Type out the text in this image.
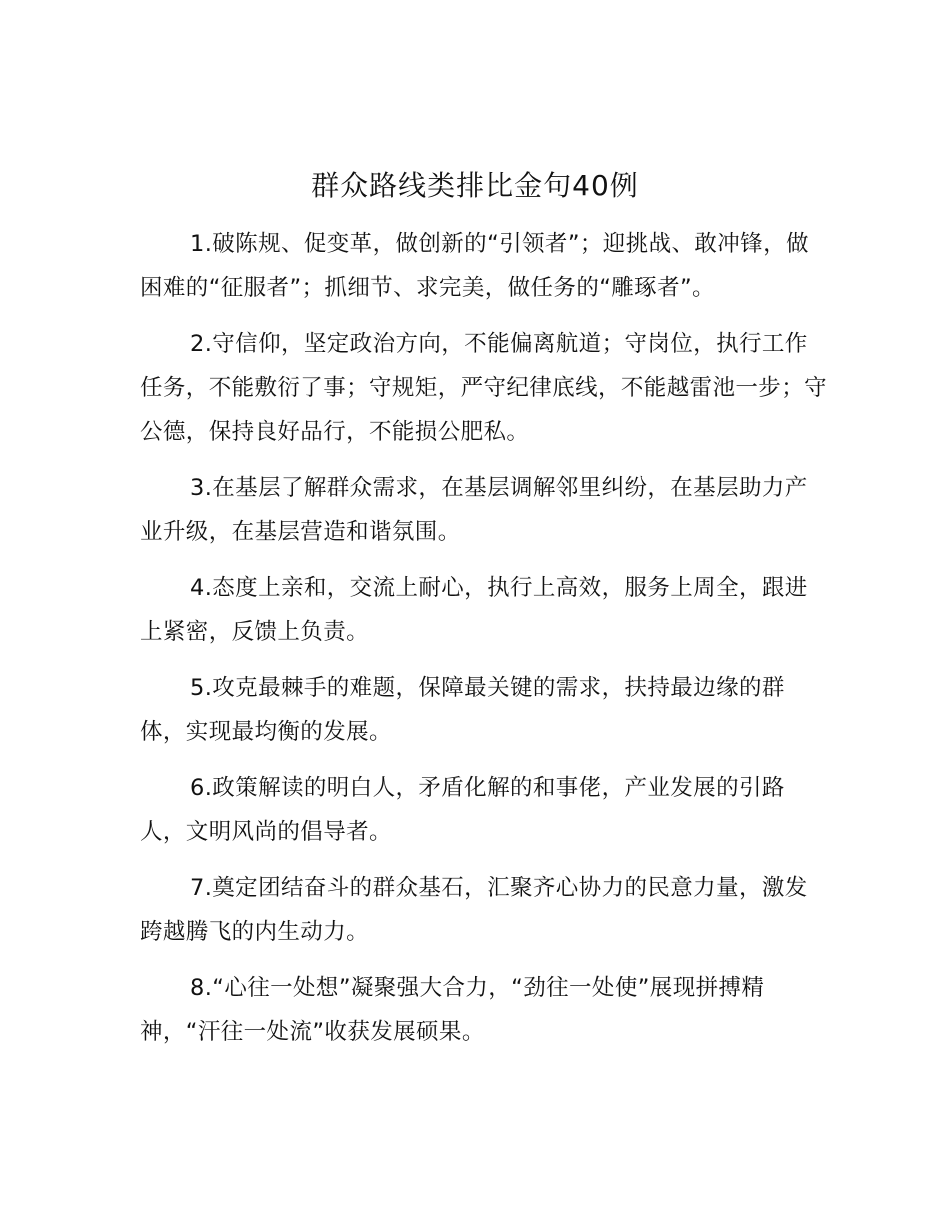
群众路线类排比金句40例

1.破陈规、促变革，做创新的“引领者”；迎挑战、敢冲锋，做困难的“征服者”；抓细节、求完美，做任务的“雕琢者”。

2.守信仰，坚定政治方向，不能偏离航道；守岗位，执行工作任务，不能敷衍了事；守规矩，严守纪律底线，不能越雷池一步；守公德，保持良好品行，不能损公肥私。

3.在基层了解群众需求，在基层调解邻里纠纷，在基层助力产业升级，在基层营造和谐氛围。

4.态度上亲和，交流上耐心，执行上高效，服务上周全，跟进上紧密，反馈上负责。

5.攻克最棘手的难题，保障最关键的需求，扶持最边缘的群体，实现最均衡的发展。

6.政策解读的明白人，矛盾化解的和事佬，产业发展的引路人，文明风尚的倡导者。

7.奠定团结奋斗的群众基石，汇聚齐心协力的民意力量，激发跨越腾飞的内生动力。

8.“心往一处想”凝聚强大合力，“劲往一处使”展现拼搏精神，“汗往一处流”收获发展硕果。
